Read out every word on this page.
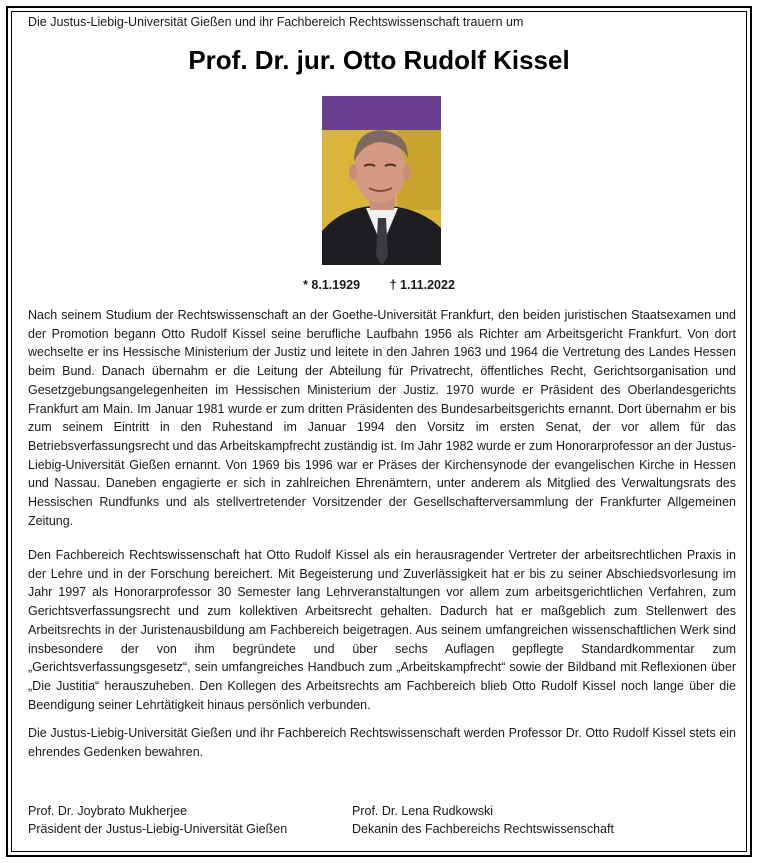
Die Justus-Liebig-Universität Gießen und ihr Fachbereich Rechtswissenschaft trauern um
Prof. Dr. jur. Otto Rudolf Kissel
* 8.1.1929 † 1.11.2022
Nach seinem Studium der Rechtswissenschaft an der Goethe-Universität Frankfurt, den beiden juristischen Staatsexamen und der Promotion begann Otto Rudolf Kissel seine berufliche Laufbahn 1956 als Richter am Arbeitsgericht Frankfurt. Von dort wechselte er ins Hessische Ministerium der Justiz und leitete in den Jahren 1963 und 1964 die Vertretung des Landes Hessen beim Bund. Danach übernahm er die Leitung der Abteilung für Privatrecht, öffentliches Recht, Gerichtsorganisation und Gesetzgebungsangelegenheiten im Hessischen Ministerium der Justiz. 1970 wurde er Präsident des Oberlandesgerichts Frankfurt am Main. Im Januar 1981 wurde er zum dritten Präsidenten des Bundesarbeitsgerichts ernannt. Dort übernahm er bis zum seinem Eintritt in den Ruhestand im Januar 1994 den Vorsitz im ersten Senat, der vor allem für das Betriebsverfassungsrecht und das Arbeitskampfrecht zuständig ist. Im Jahr 1982 wurde er zum Honorarprofessor an der Justus-Liebig-Universität Gießen ernannt. Von 1969 bis 1996 war er Präses der Kirchensynode der evangelischen Kirche in Hessen und Nassau. Daneben engagierte er sich in zahlreichen Ehrenämtern, unter anderem als Mitglied des Verwaltungsrats des Hessischen Rundfunks und als stellvertretender Vorsitzender der Gesellschafterversammlung der Frankfurter Allgemeinen Zeitung.
Den Fachbereich Rechtswissenschaft hat Otto Rudolf Kissel als ein herausragender Vertreter der arbeitsrechtlichen Praxis in der Lehre und in der Forschung bereichert. Mit Begeisterung und Zuverlässigkeit hat er bis zu seiner Abschiedsvorlesung im Jahr 1997 als Honorarprofessor 30 Semester lang Lehrveranstaltungen vor allem zum arbeitsgerichtlichen Verfahren, zum Gerichtsverfassungsrecht und zum kollektiven Arbeitsrecht gehalten. Dadurch hat er maßgeblich zum Stellenwert des Arbeitsrechts in der Juristenausbildung am Fachbereich beigetragen. Aus seinem umfangreichen wissenschaftlichen Werk sind insbesondere der von ihm begründete und über sechs Auflagen gepflegte Standardkommentar zum „Gerichtsverfassungsgesetz“, sein umfangreiches Handbuch zum „Arbeitskampfrecht“ sowie der Bildband mit Reflexionen über „Die Justitia“ herauszuheben. Den Kollegen des Arbeitsrechts am Fachbereich blieb Otto Rudolf Kissel noch lange über die Beendigung seiner Lehrtätigkeit hinaus persönlich verbunden.
Die Justus-Liebig-Universität Gießen und ihr Fachbereich Rechtswissenschaft werden Professor Dr. Otto Rudolf Kissel stets ein ehrendes Gedenken bewahren.
Prof. Dr. Joybrato Mukherjee
Präsident der Justus-Liebig-Universität Gießen
Prof. Dr. Lena Rudkowski
Dekanin des Fachbereichs Rechtswissenschaft
